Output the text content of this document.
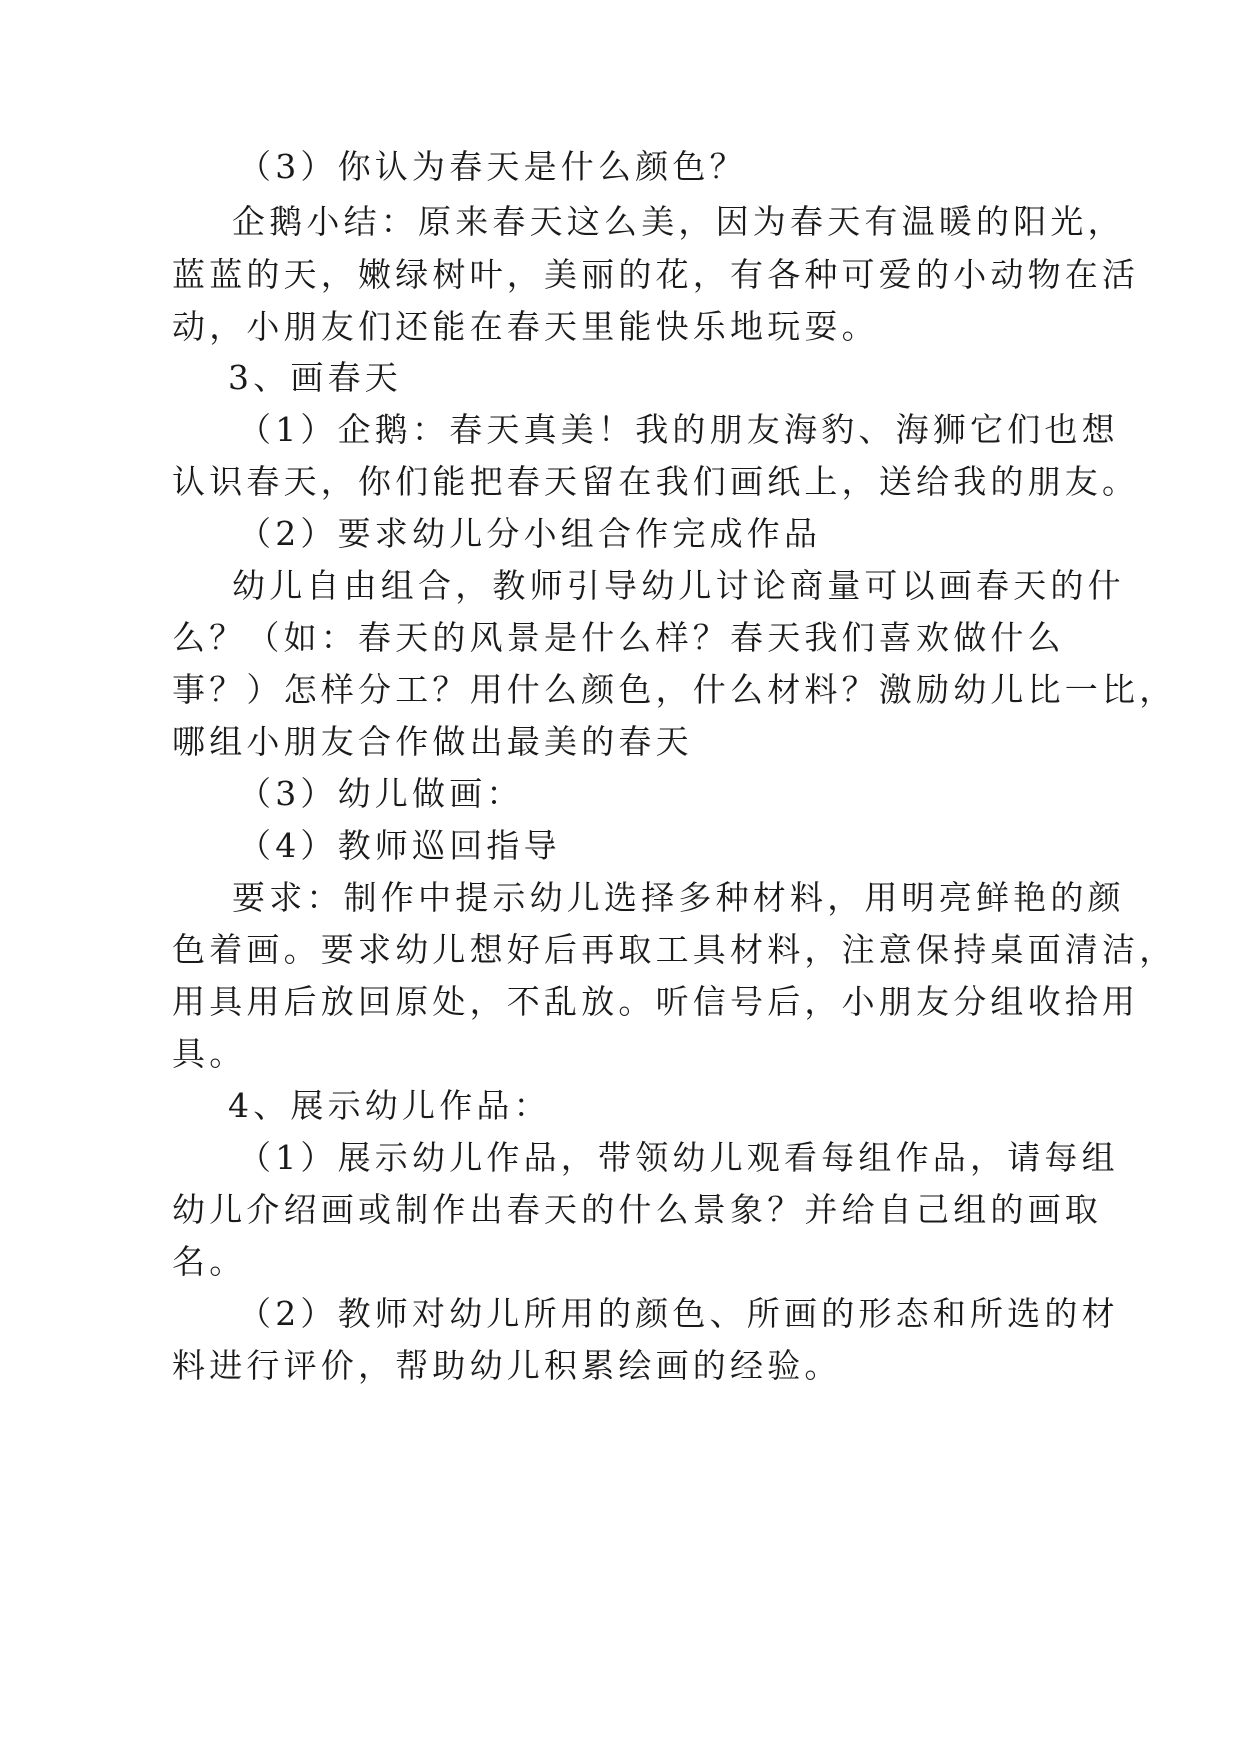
（3）你认为春天是什么颜色？
企鹅小结：原来春天这么美，因为春天有温暖的阳光，
蓝蓝的天，嫩绿树叶，美丽的花，有各种可爱的小动物在活
动，小朋友们还能在春天里能快乐地玩耍。
3、画春天
（1）企鹅：春天真美！我的朋友海豹、海狮它们也想
认识春天，你们能把春天留在我们画纸上，送给我的朋友。
（2）要求幼儿分小组合作完成作品
幼儿自由组合，教师引导幼儿讨论商量可以画春天的什
么？（如：春天的风景是什么样？春天我们喜欢做什么
事？）怎样分工？用什么颜色，什么材料？激励幼儿比一比，
哪组小朋友合作做出最美的春天
（3）幼儿做画：
（4）教师巡回指导
要求：制作中提示幼儿选择多种材料，用明亮鲜艳的颜
色着画。要求幼儿想好后再取工具材料，注意保持桌面清洁，
用具用后放回原处，不乱放。听信号后，小朋友分组收拾用
具。
4、展示幼儿作品：
（1）展示幼儿作品，带领幼儿观看每组作品，请每组
幼儿介绍画或制作出春天的什么景象？并给自己组的画取
名。
（2）教师对幼儿所用的颜色、所画的形态和所选的材
料进行评价，帮助幼儿积累绘画的经验。
